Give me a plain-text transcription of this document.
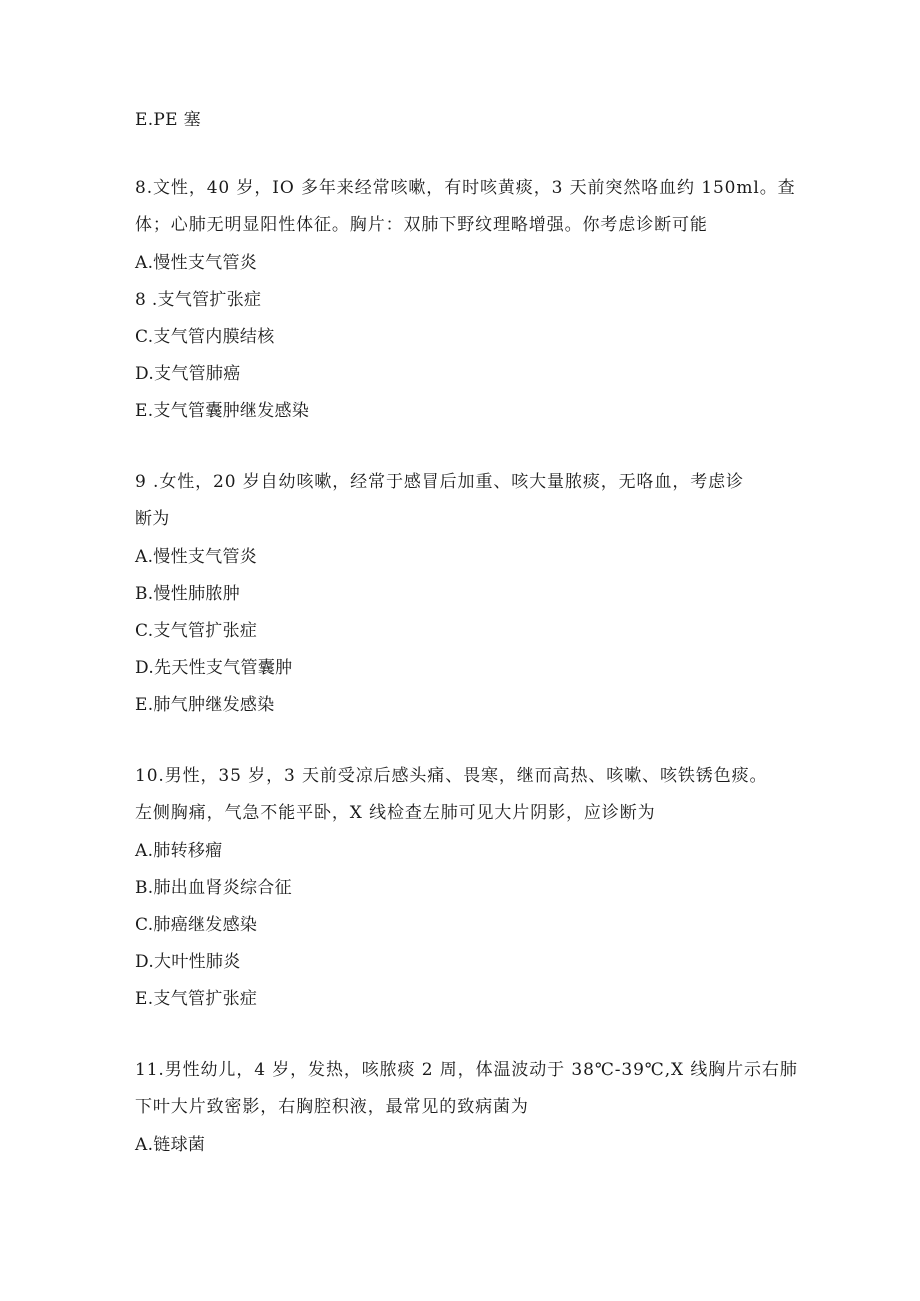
E.PE 塞
8.文性，40 岁，IO 多年来经常咳嗽，有时咳黄痰，3 天前突然咯血约 150ml。查
体；心肺无明显阳性体征。胸片：双肺下野纹理略增强。你考虑诊断可能
A.慢性支气管炎
8 .支气管扩张症
C.支气管内膜结核
D.支气管肺癌
E.支气管囊肿继发感染
9 .女性，20 岁自幼咳嗽，经常于感冒后加重、咳大量脓痰，无咯血，考虑诊
断为
A.慢性支气管炎
B.慢性肺脓肿
C.支气管扩张症
D.先天性支气管囊肿
E.肺气肿继发感染
10.男性，35 岁，3 天前受凉后感头痛、畏寒，继而高热、咳嗽、咳铁锈色痰。
左侧胸痛，气急不能平卧，X 线检查左肺可见大片阴影，应诊断为
A.肺转移瘤
B.肺出血肾炎综合征
C.肺癌继发感染
D.大叶性肺炎
E.支气管扩张症
11.男性幼儿，4 岁，发热，咳脓痰 2 周，体温波动于 38℃-39℃,X 线胸片示右肺
下叶大片致密影，右胸腔积液，最常见的致病菌为
A.链球菌
